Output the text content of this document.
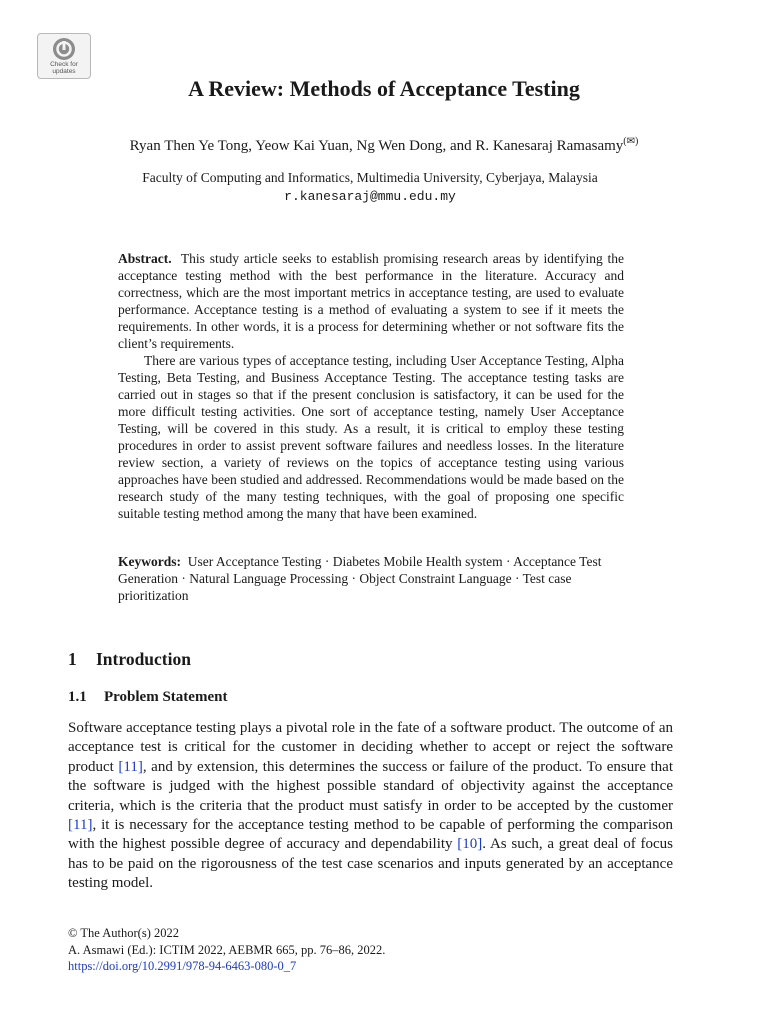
Check for
updates
A Review: Methods of Acceptance Testing
Ryan Then Ye Tong, Yeow Kai Yuan, Ng Wen Dong, and R. Kanesaraj Ramasamy(✉)
Faculty of Computing and Informatics, Multimedia University, Cyberjaya, Malaysia
r.kanesaraj@mmu.edu.my

Abstract. This study article seeks to establish promising research areas by identifying the acceptance testing method with the best performance in the literature. Accuracy and correctness, which are the most important metrics in acceptance testing, are used to evaluate performance. Acceptance testing is a method of evaluating a system to see if it meets the requirements. In other words, it is a process for determining whether or not software fits the client’s requirements.

There are various types of acceptance testing, including User Acceptance Testing, Alpha Testing, Beta Testing, and Business Acceptance Testing. The acceptance testing tasks are carried out in stages so that if the present conclusion is satisfactory, it can be used for the more difficult testing activities. One sort of acceptance testing, namely User Acceptance Testing, will be covered in this study. As a result, it is critical to employ these testing procedures in order to assist prevent software failures and needless losses. In the literature review section, a variety of reviews on the topics of acceptance testing using various approaches have been studied and addressed. Recommendations would be made based on the research study of the many testing techniques, with the goal of proposing one specific suitable testing method among the many that have been examined.

Keywords: User Acceptance Testing · Diabetes Mobile Health system · Acceptance Test Generation · Natural Language Processing · Object Constraint Language · Test case prioritization
1 Introduction
1.1 Problem Statement

Software acceptance testing plays a pivotal role in the fate of a software product. The outcome of an acceptance test is critical for the customer in deciding whether to accept or reject the software product [11], and by extension, this determines the success or failure of the product. To ensure that the software is judged with the highest possible standard of objectivity against the acceptance criteria, which is the criteria that the product must satisfy in order to be accepted by the customer [11], it is necessary for the acceptance testing method to be capable of performing the comparison with the highest possible degree of accuracy and dependability [10]. As such, a great deal of focus has to be paid on the rigorousness of the test case scenarios and inputs generated by an acceptance testing model.

© The Author(s) 2022
A. Asmawi (Ed.): ICTIM 2022, AEBMR 665, pp. 76–86, 2022.
https://doi.org/10.2991/978-94-6463-080-0_7
